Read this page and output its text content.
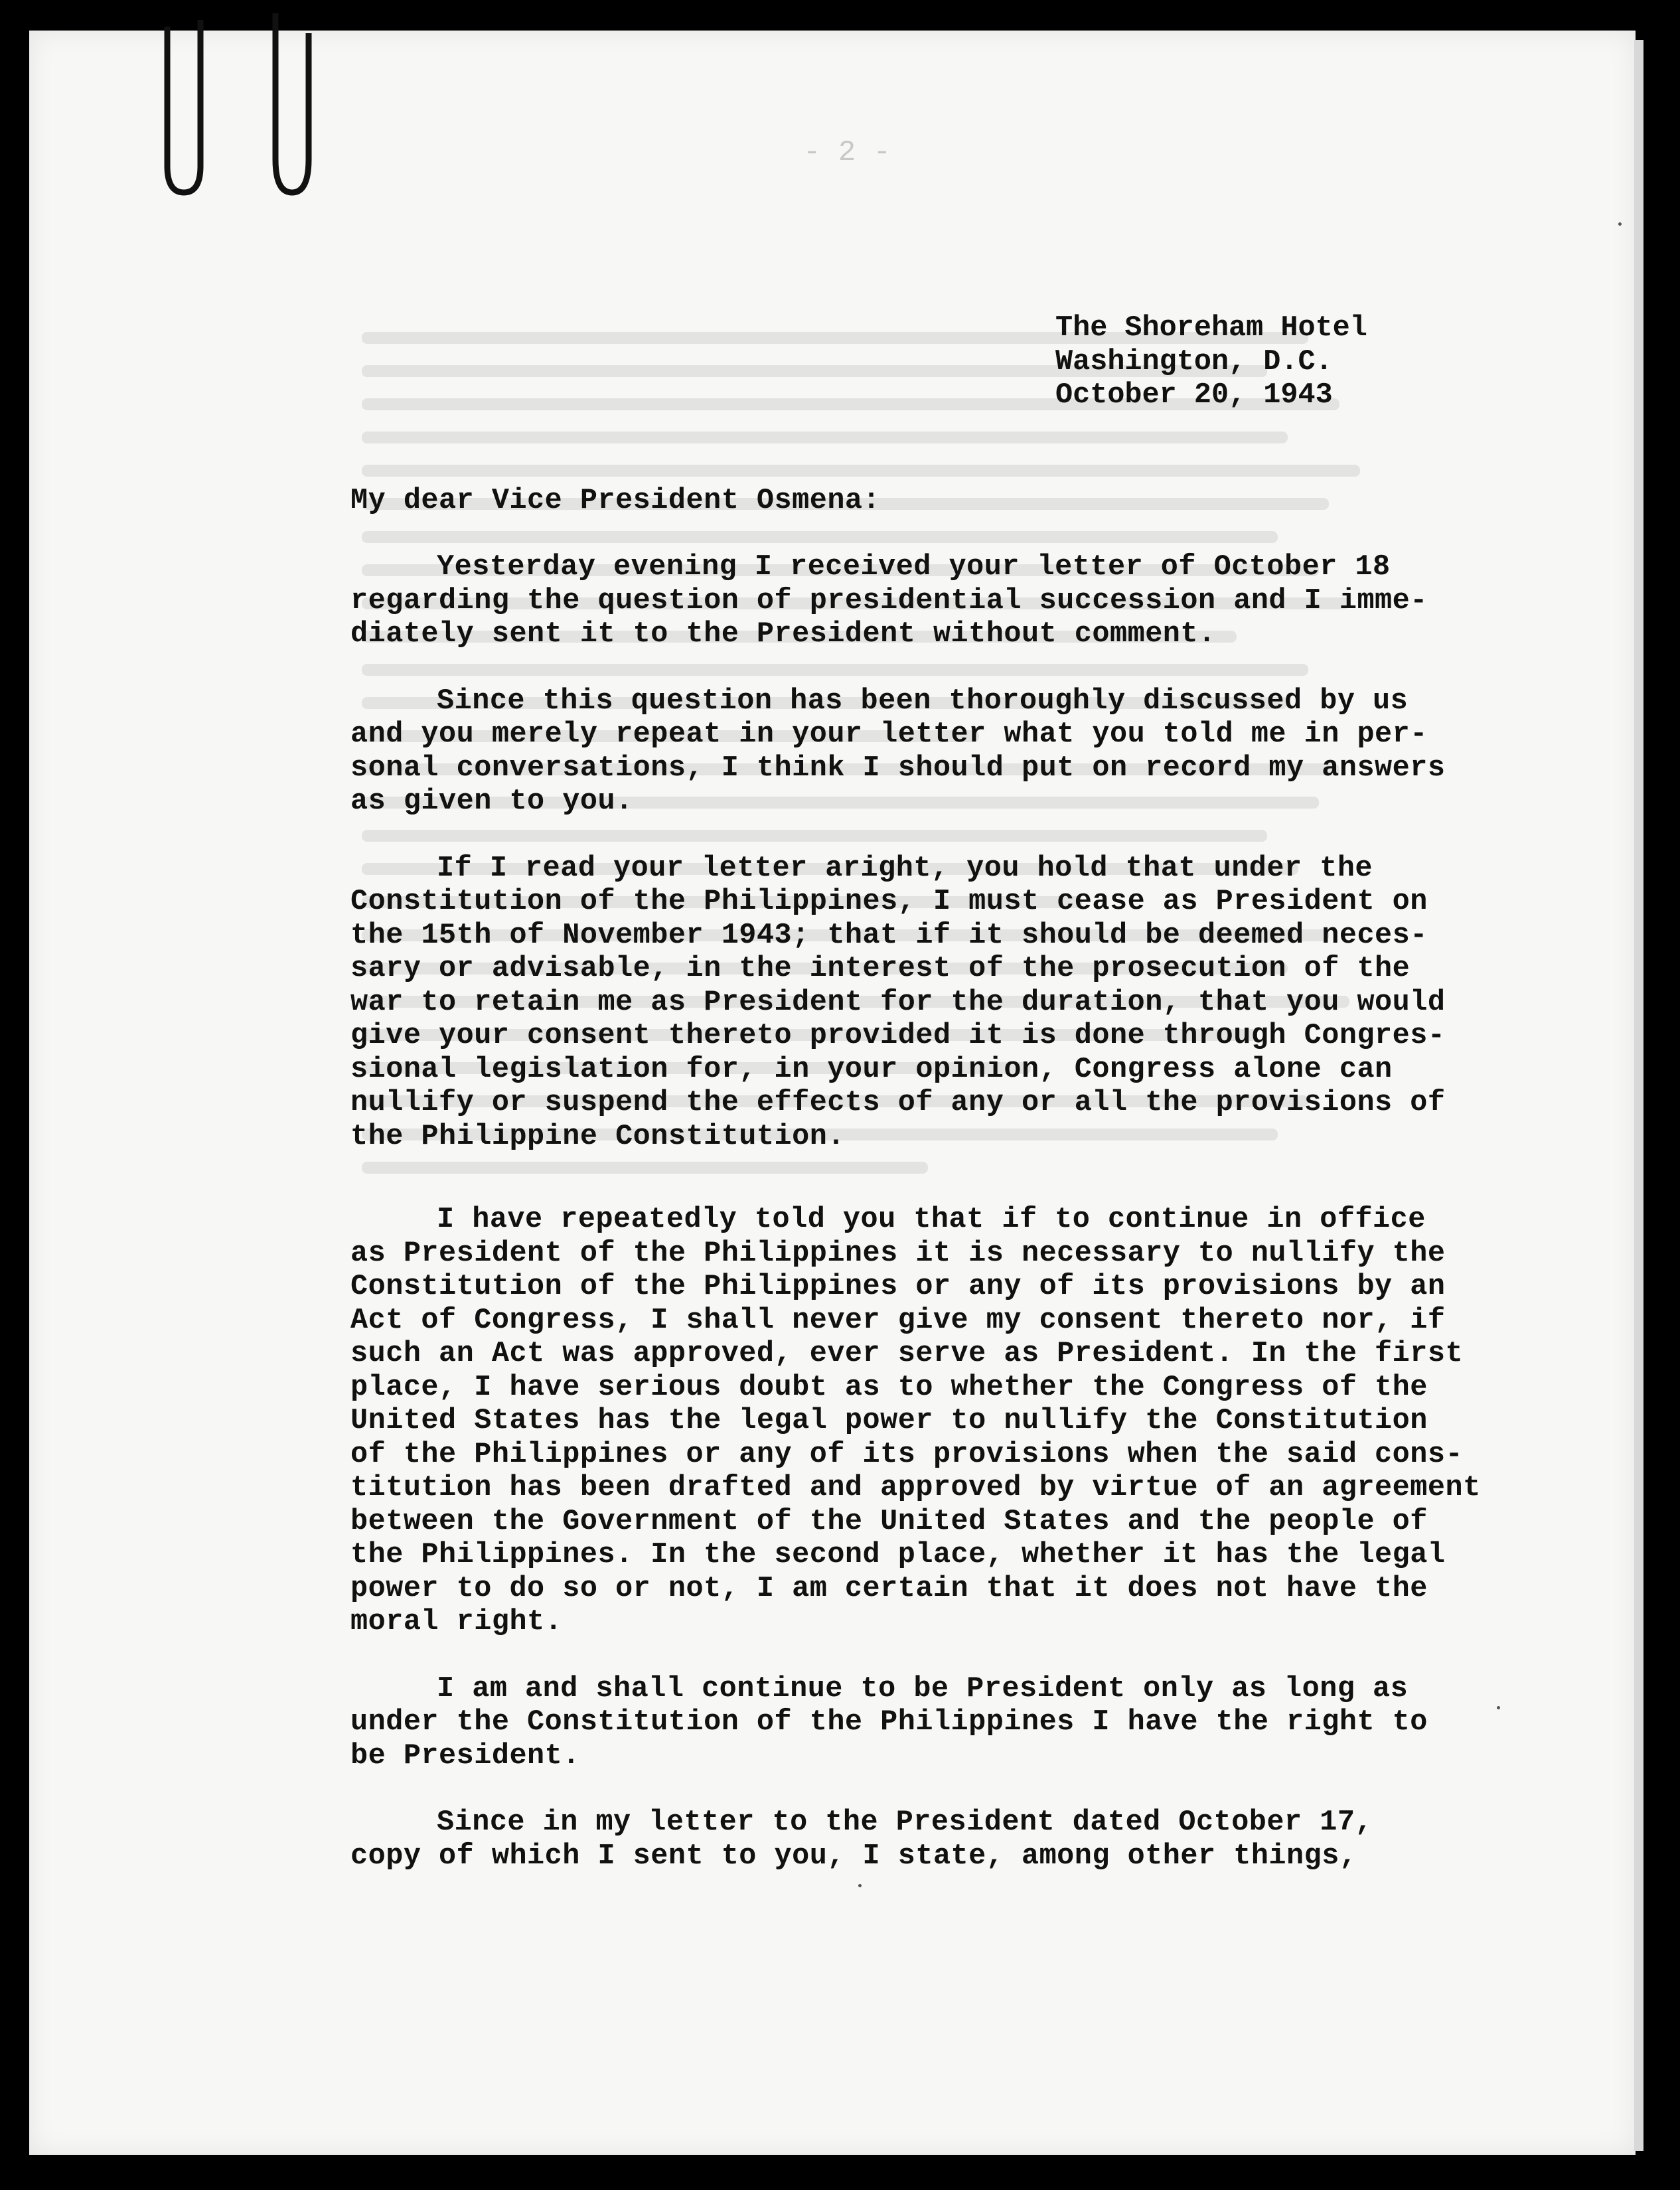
- 2 -
The Shoreham Hotel
Washington, D.C.
October 20, 1943
My dear Vice President Osmena:
Yesterday evening I received your letter of October 18
regarding the question of presidential succession and I imme-
diately sent it to the President without comment.
Since this question has been thoroughly discussed by us
and you merely repeat in your letter what you told me in per-
sonal conversations, I think I should put on record my answers
as given to you.
If I read your letter aright, you hold that under the
Constitution of the Philippines, I must cease as President on
the 15th of November 1943; that if it should be deemed neces-
sary or advisable, in the interest of the prosecution of the
war to retain me as President for the duration, that you would
give your consent thereto provided it is done through Congres-
sional legislation for, in your opinion, Congress alone can
nullify or suspend the effects of any or all the provisions of
the Philippine Constitution.
I have repeatedly told you that if to continue in office
as President of the Philippines it is necessary to nullify the
Constitution of the Philippines or any of its provisions by an
Act of Congress, I shall never give my consent thereto nor, if
such an Act was approved, ever serve as President. In the first
place, I have serious doubt as to whether the Congress of the
United States has the legal power to nullify the Constitution
of the Philippines or any of its provisions when the said cons-
titution has been drafted and approved by virtue of an agreement
between the Government of the United States and the people of
the Philippines. In the second place, whether it has the legal
power to do so or not, I am certain that it does not have the
moral right.
I am and shall continue to be President only as long as
under the Constitution of the Philippines I have the right to
be President.
Since in my letter to the President dated October 17,
copy of which I sent to you, I state, among other things,
